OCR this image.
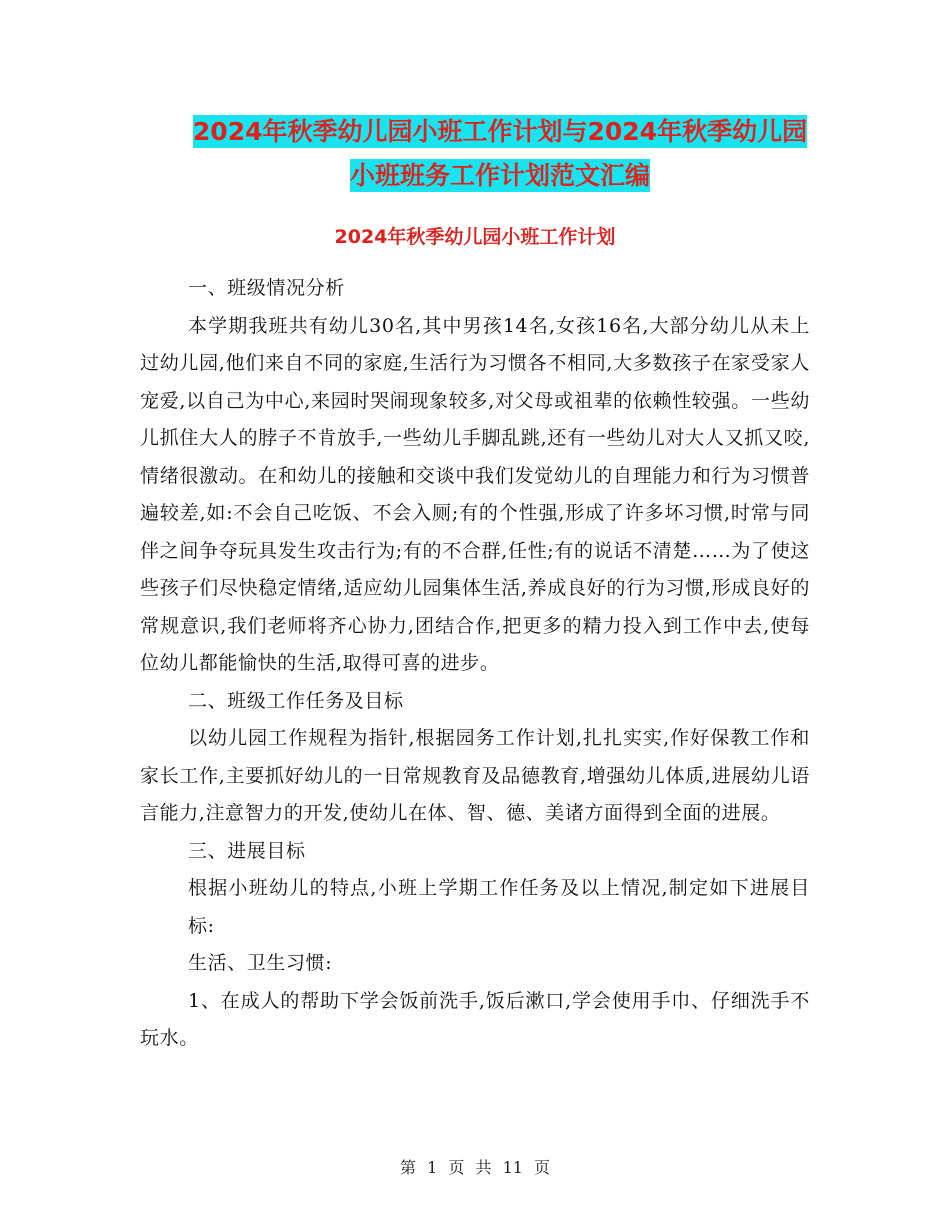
2024年秋季幼儿园小班工作计划与2024年秋季幼儿园
小班班务工作计划范文汇编
2024年秋季幼儿园小班工作计划

一、班级情况分析

本学期我班共有幼儿30名,其中男孩14名,女孩16名,大部分幼儿从未上过幼儿园,他们来自不同的家庭,生活行为习惯各不相同,大多数孩子在家受家人宠爱,以自己为中心,来园时哭闹现象较多,对父母或祖辈的依赖性较强。一些幼儿抓住大人的脖子不肯放手,一些幼儿手脚乱跳,还有一些幼儿对大人又抓又咬,情绪很激动。在和幼儿的接触和交谈中我们发觉幼儿的自理能力和行为习惯普遍较差,如:不会自己吃饭、不会入厕;有的个性强,形成了许多坏习惯,时常与同伴之间争夺玩具发生攻击行为;有的不合群,任性;有的说话不清楚……为了使这些孩子们尽快稳定情绪,适应幼儿园集体生活,养成良好的行为习惯,形成良好的常规意识,我们老师将齐心协力,团结合作,把更多的精力投入到工作中去,使每位幼儿都能愉快的生活,取得可喜的进步。

二、班级工作任务及目标

以幼儿园工作规程为指针,根据园务工作计划,扎扎实实,作好保教工作和家长工作,主要抓好幼儿的一日常规教育及品德教育,增强幼儿体质,进展幼儿语言能力,注意智力的开发,使幼儿在体、智、德、美诸方面得到全面的进展。

三、进展目标

根据小班幼儿的特点,小班上学期工作任务及以上情况,制定如下进展目标:

生活、卫生习惯:

1、在成人的帮助下学会饭前洗手,饭后漱口,学会使用手巾、仔细洗手不玩水。

第 1 页 共 11 页
